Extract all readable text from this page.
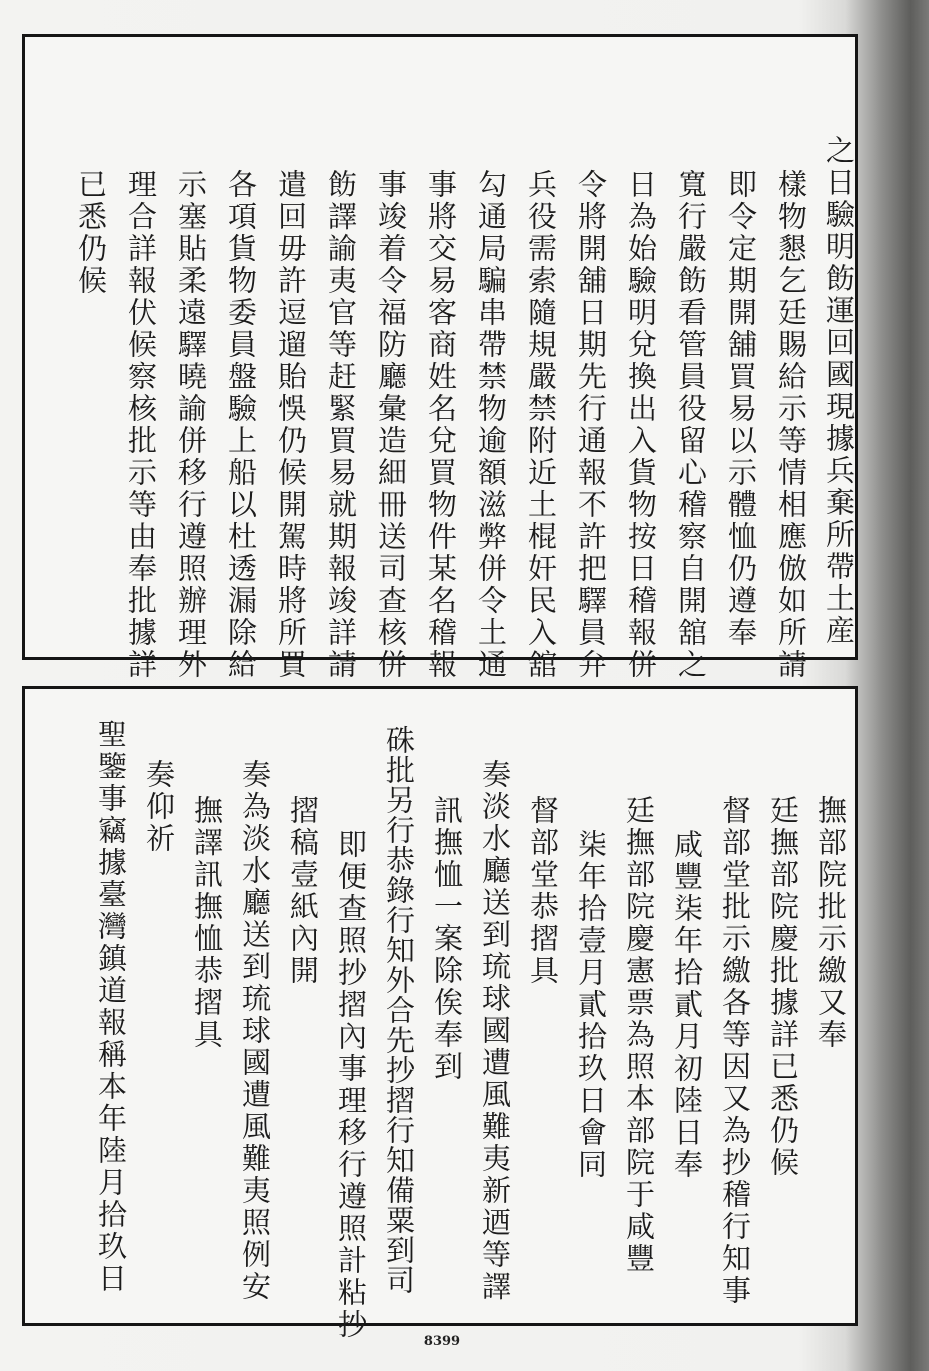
之日驗明飭運回國現據兵棄所帶土産

樣物懇乞廷賜給示等情相應倣如所請

即令定期開舖買易以示體恤仍遵奉

寬行嚴飭看管員役留心稽察自開舘之

日為始驗明兌換出入貨物按日稽報併

令將開舖日期先行通報不許把驛員弁

兵役需索隨規嚴禁附近土棍奸民入舘

勾通局騙串帶禁物逾額滋弊併令土通

事將交易客商姓名兌買物件某名稽報

事竣着令福防廳彙造細冊送司查核併

飭譯諭夷官等赶緊買易就期報竣詳請

遣回毋許逗遛貽悞仍候開駕時將所買

各項貨物委員盤驗上船以杜透漏除給

示塞貼柔遠驛曉諭併移行遵照辦理外

理合詳報伏候察核批示等由奉批據詳

已悉仍候

撫部院批示繳又奉

廷撫部院慶批據詳已悉仍候

督部堂批示繳各等因又為抄稽行知事

咸豐柒年拾貳月初陸日奉

廷撫部院慶憲票為照本部院于咸豐

柒年拾壹月貳拾玖日會同

督部堂恭摺具

奏淡水廳送到琉球國遭風難夷新迺等譯

訊撫恤一案除俟奉到

硃批另行恭錄行知外合先抄摺行知備粟到司

即便查照抄摺內事理移行遵照計粘抄

摺稿壹紙內開

奏為淡水廳送到琉球國遭風難夷照例安

撫譯訊撫恤恭摺具

奏仰祈

聖鑒事竊據臺灣鎮道報稱本年陸月拾玖日

8399
